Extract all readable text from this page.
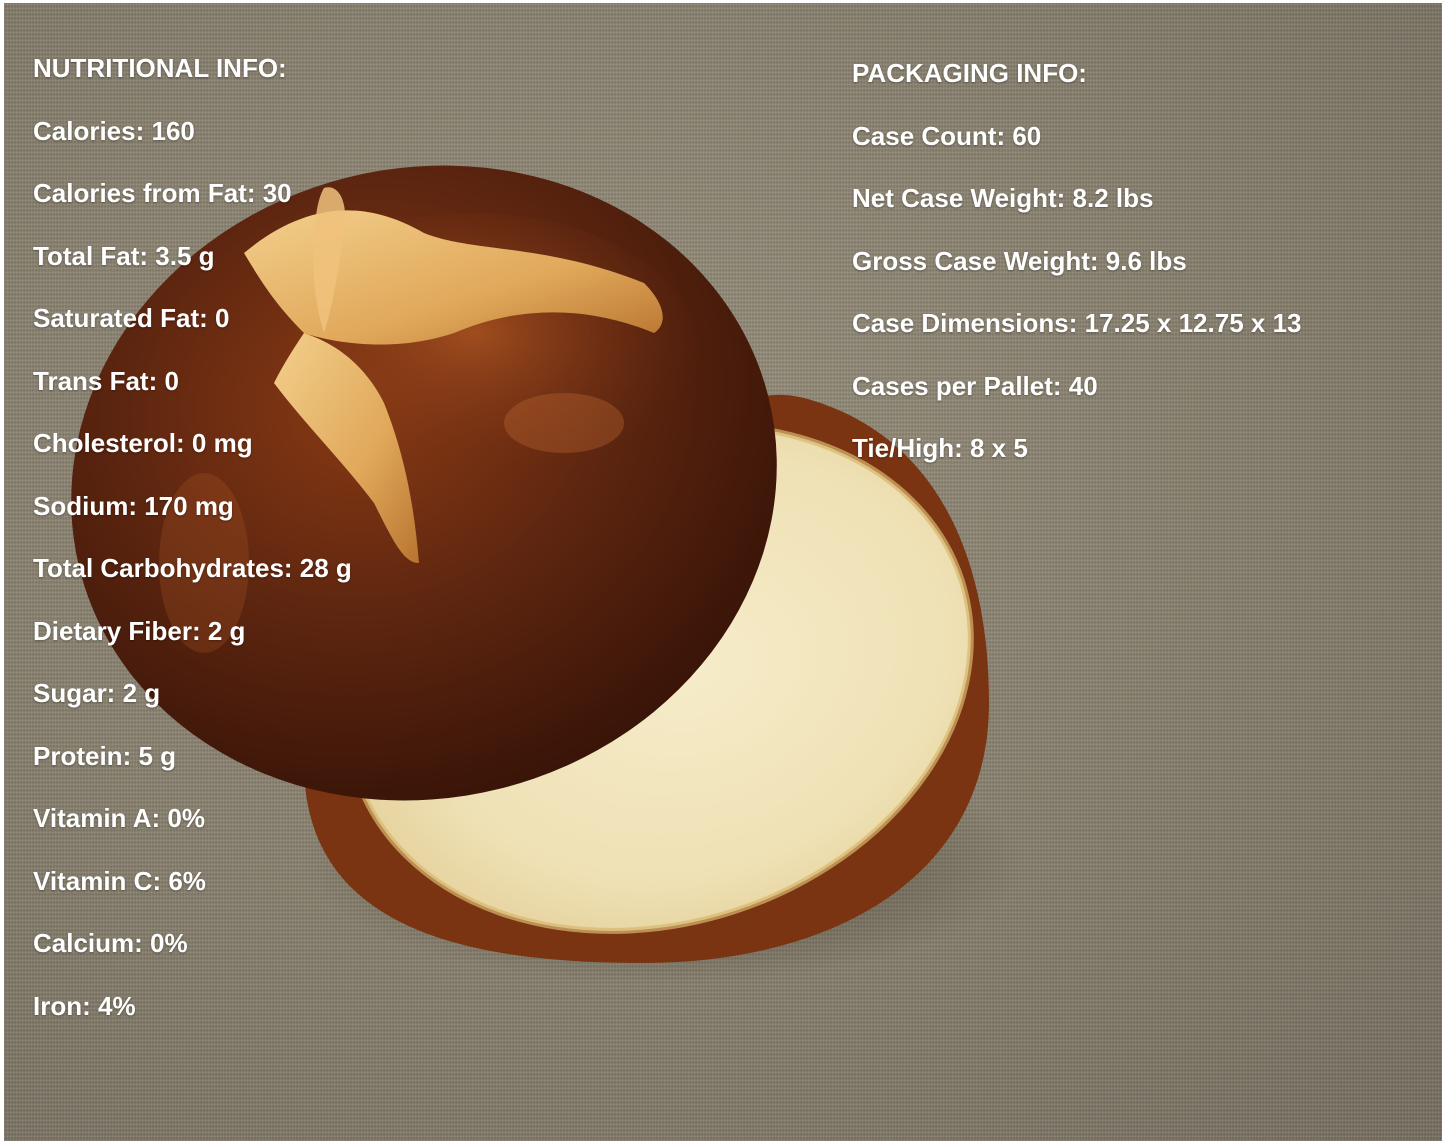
NUTRITIONAL INFO:
Calories: 160
Calories from Fat: 30
Total Fat: 3.5 g
Saturated Fat: 0
Trans Fat: 0
Cholesterol: 0 mg
Sodium: 170 mg
Total Carbohydrates: 28 g
Dietary Fiber: 2 g
Sugar: 2 g
Protein: 5 g
Vitamin A: 0%
Vitamin C: 6%
Calcium: 0%
Iron: 4%
PACKAGING INFO:
Case Count: 60
Net Case Weight: 8.2 lbs
Gross Case Weight: 9.6 lbs
Case Dimensions: 17.25 x 12.75 x 13
Cases per Pallet: 40
Tie/High: 8 x 5
